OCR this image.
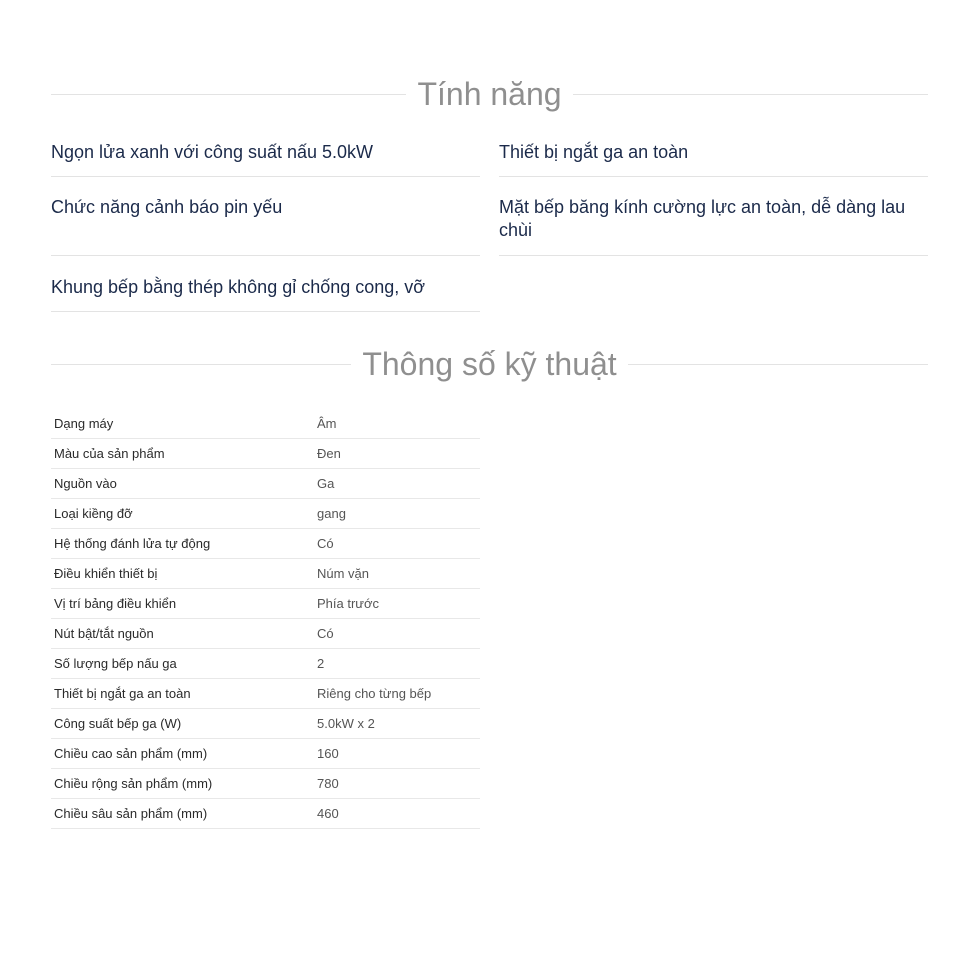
Tính năng
Ngọn lửa xanh với công suất nấu 5.0kW	Thiết bị ngắt ga an toàn
Chức năng cảnh báo pin yếu	Mặt bếp băng kính cường lực an toàn, dễ dàng lau chùi
Khung bếp bằng thép không gỉ chống cong, vỡ
Thông số kỹ thuật
Dạng máy	Âm
Màu của sản phẩm	Đen
Nguồn vào	Ga
Loại kiềng đỡ	gang
Hệ thống đánh lửa tự động	Có
Điều khiển thiết bị	Núm vặn
Vị trí bảng điều khiển	Phía trước
Nút bật/tắt nguồn	Có
Số lượng bếp nấu ga	2
Thiết bị ngắt ga an toàn	Riêng cho từng bếp
Công suất bếp ga (W)	5.0kW x 2
Chiều cao sản phẩm (mm)	160
Chiều rộng sản phẩm (mm)	780
Chiều sâu sản phẩm (mm)	460
